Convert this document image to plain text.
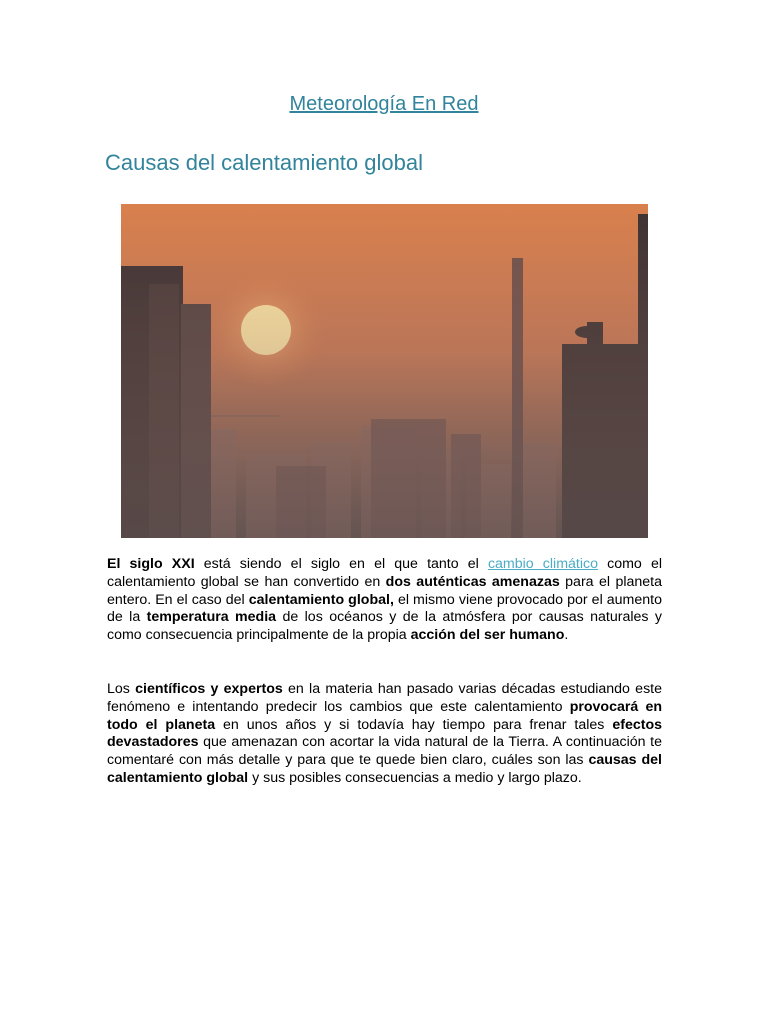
Meteorología En Red
Causas del calentamiento global

El siglo XXI está siendo el siglo en el que tanto el cambio climático como el calentamiento global se han convertido en dos auténticas amenazas para el planeta entero. En el caso del calentamiento global, el mismo viene provocado por el aumento de la temperatura media de los océanos y de la atmósfera por causas naturales y como consecuencia principalmente de la propia acción del ser humano.

Los científicos y expertos en la materia han pasado varias décadas estudiando este fenómeno e intentando predecir los cambios que este calentamiento provocará en todo el planeta en unos años y si todavía hay tiempo para frenar tales efectos devastadores que amenazan con acortar la vida natural de la Tierra. A continuación te comentaré con más detalle y para que te quede bien claro, cuáles son las causas del calentamiento global y sus posibles consecuencias a medio y largo plazo.
